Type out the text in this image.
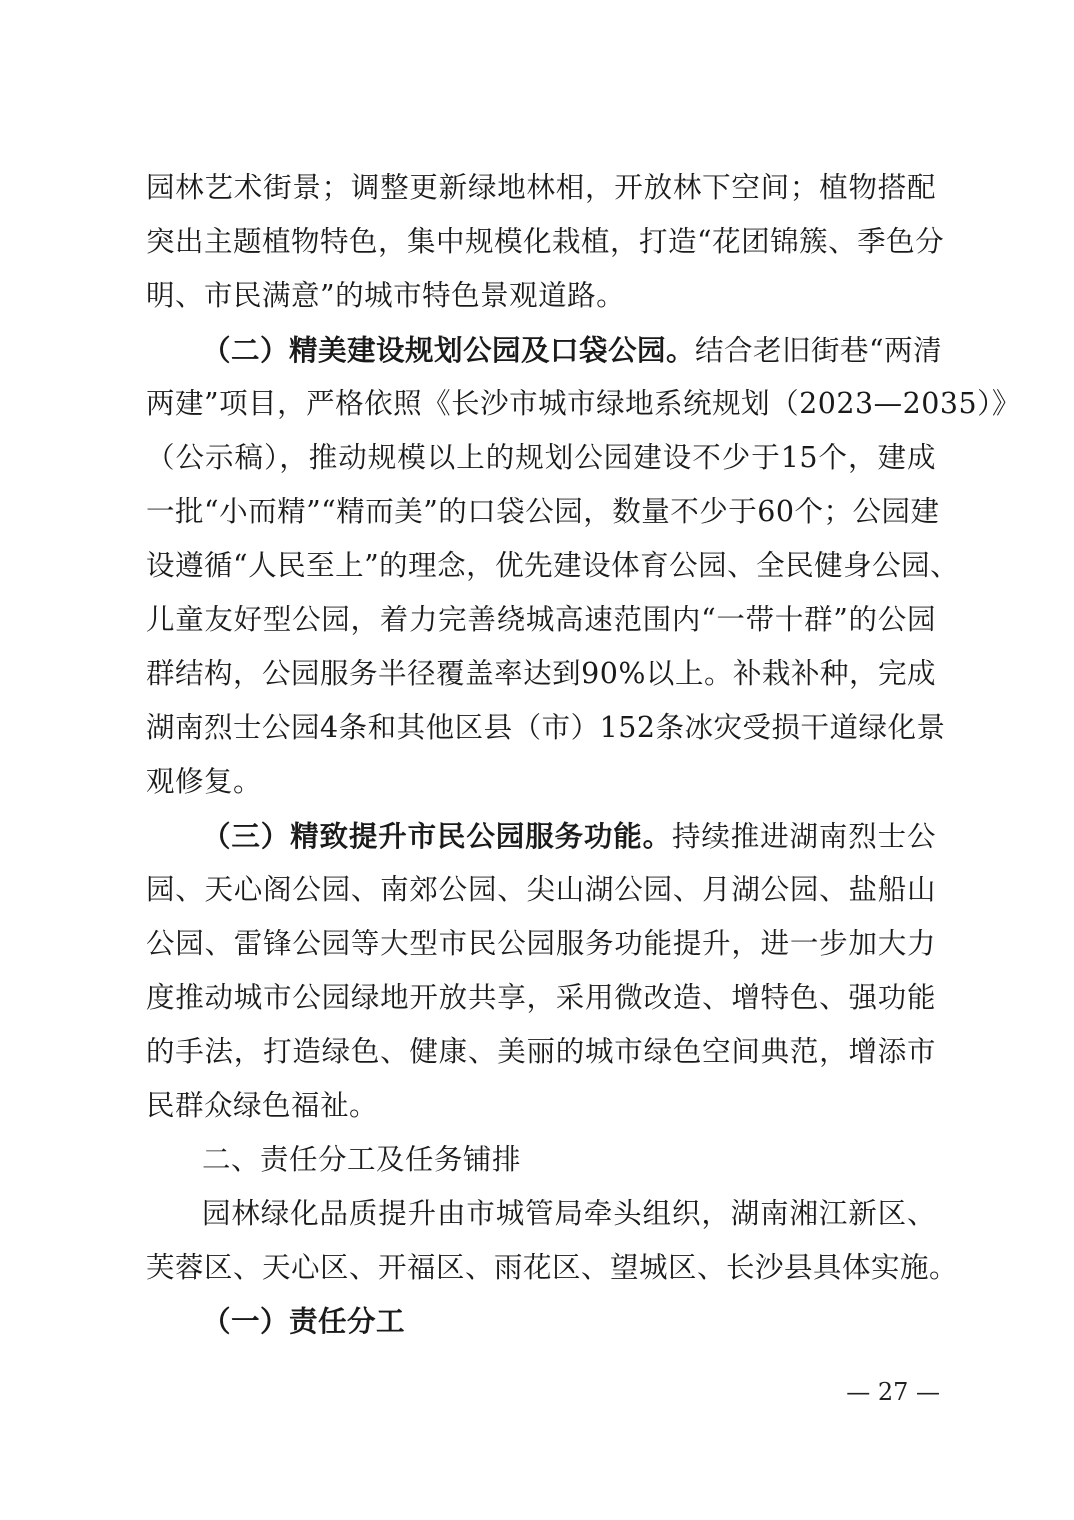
园林艺术街景；调整更新绿地林相，开放林下空间；植物搭配
突出主题植物特色，集中规模化栽植，打造“花团锦簇、季色分
明、市民满意”的城市特色景观道路。
（二）精美建设规划公园及口袋公园。结合老旧街巷“两清
两建”项目，严格依照《长沙市城市绿地系统规划（2023—2035）》
（公示稿），推动规模以上的规划公园建设不少于15个，建成
一批“小而精”“精而美”的口袋公园，数量不少于60个；公园建
设遵循“人民至上”的理念，优先建设体育公园、全民健身公园、
儿童友好型公园，着力完善绕城高速范围内“一带十群”的公园
群结构，公园服务半径覆盖率达到90%以上。补栽补种，完成
湖南烈士公园4条和其他区县（市）152条冰灾受损干道绿化景
观修复。
（三）精致提升市民公园服务功能。持续推进湖南烈士公
园、天心阁公园、南郊公园、尖山湖公园、月湖公园、盐船山
公园、雷锋公园等大型市民公园服务功能提升，进一步加大力
度推动城市公园绿地开放共享，采用微改造、增特色、强功能
的手法，打造绿色、健康、美丽的城市绿色空间典范，增添市
民群众绿色福祉。
二、责任分工及任务铺排
园林绿化品质提升由市城管局牵头组织，湖南湘江新区、
芙蓉区、天心区、开福区、雨花区、望城区、长沙县具体实施。
（一）责任分工
— 27 —
